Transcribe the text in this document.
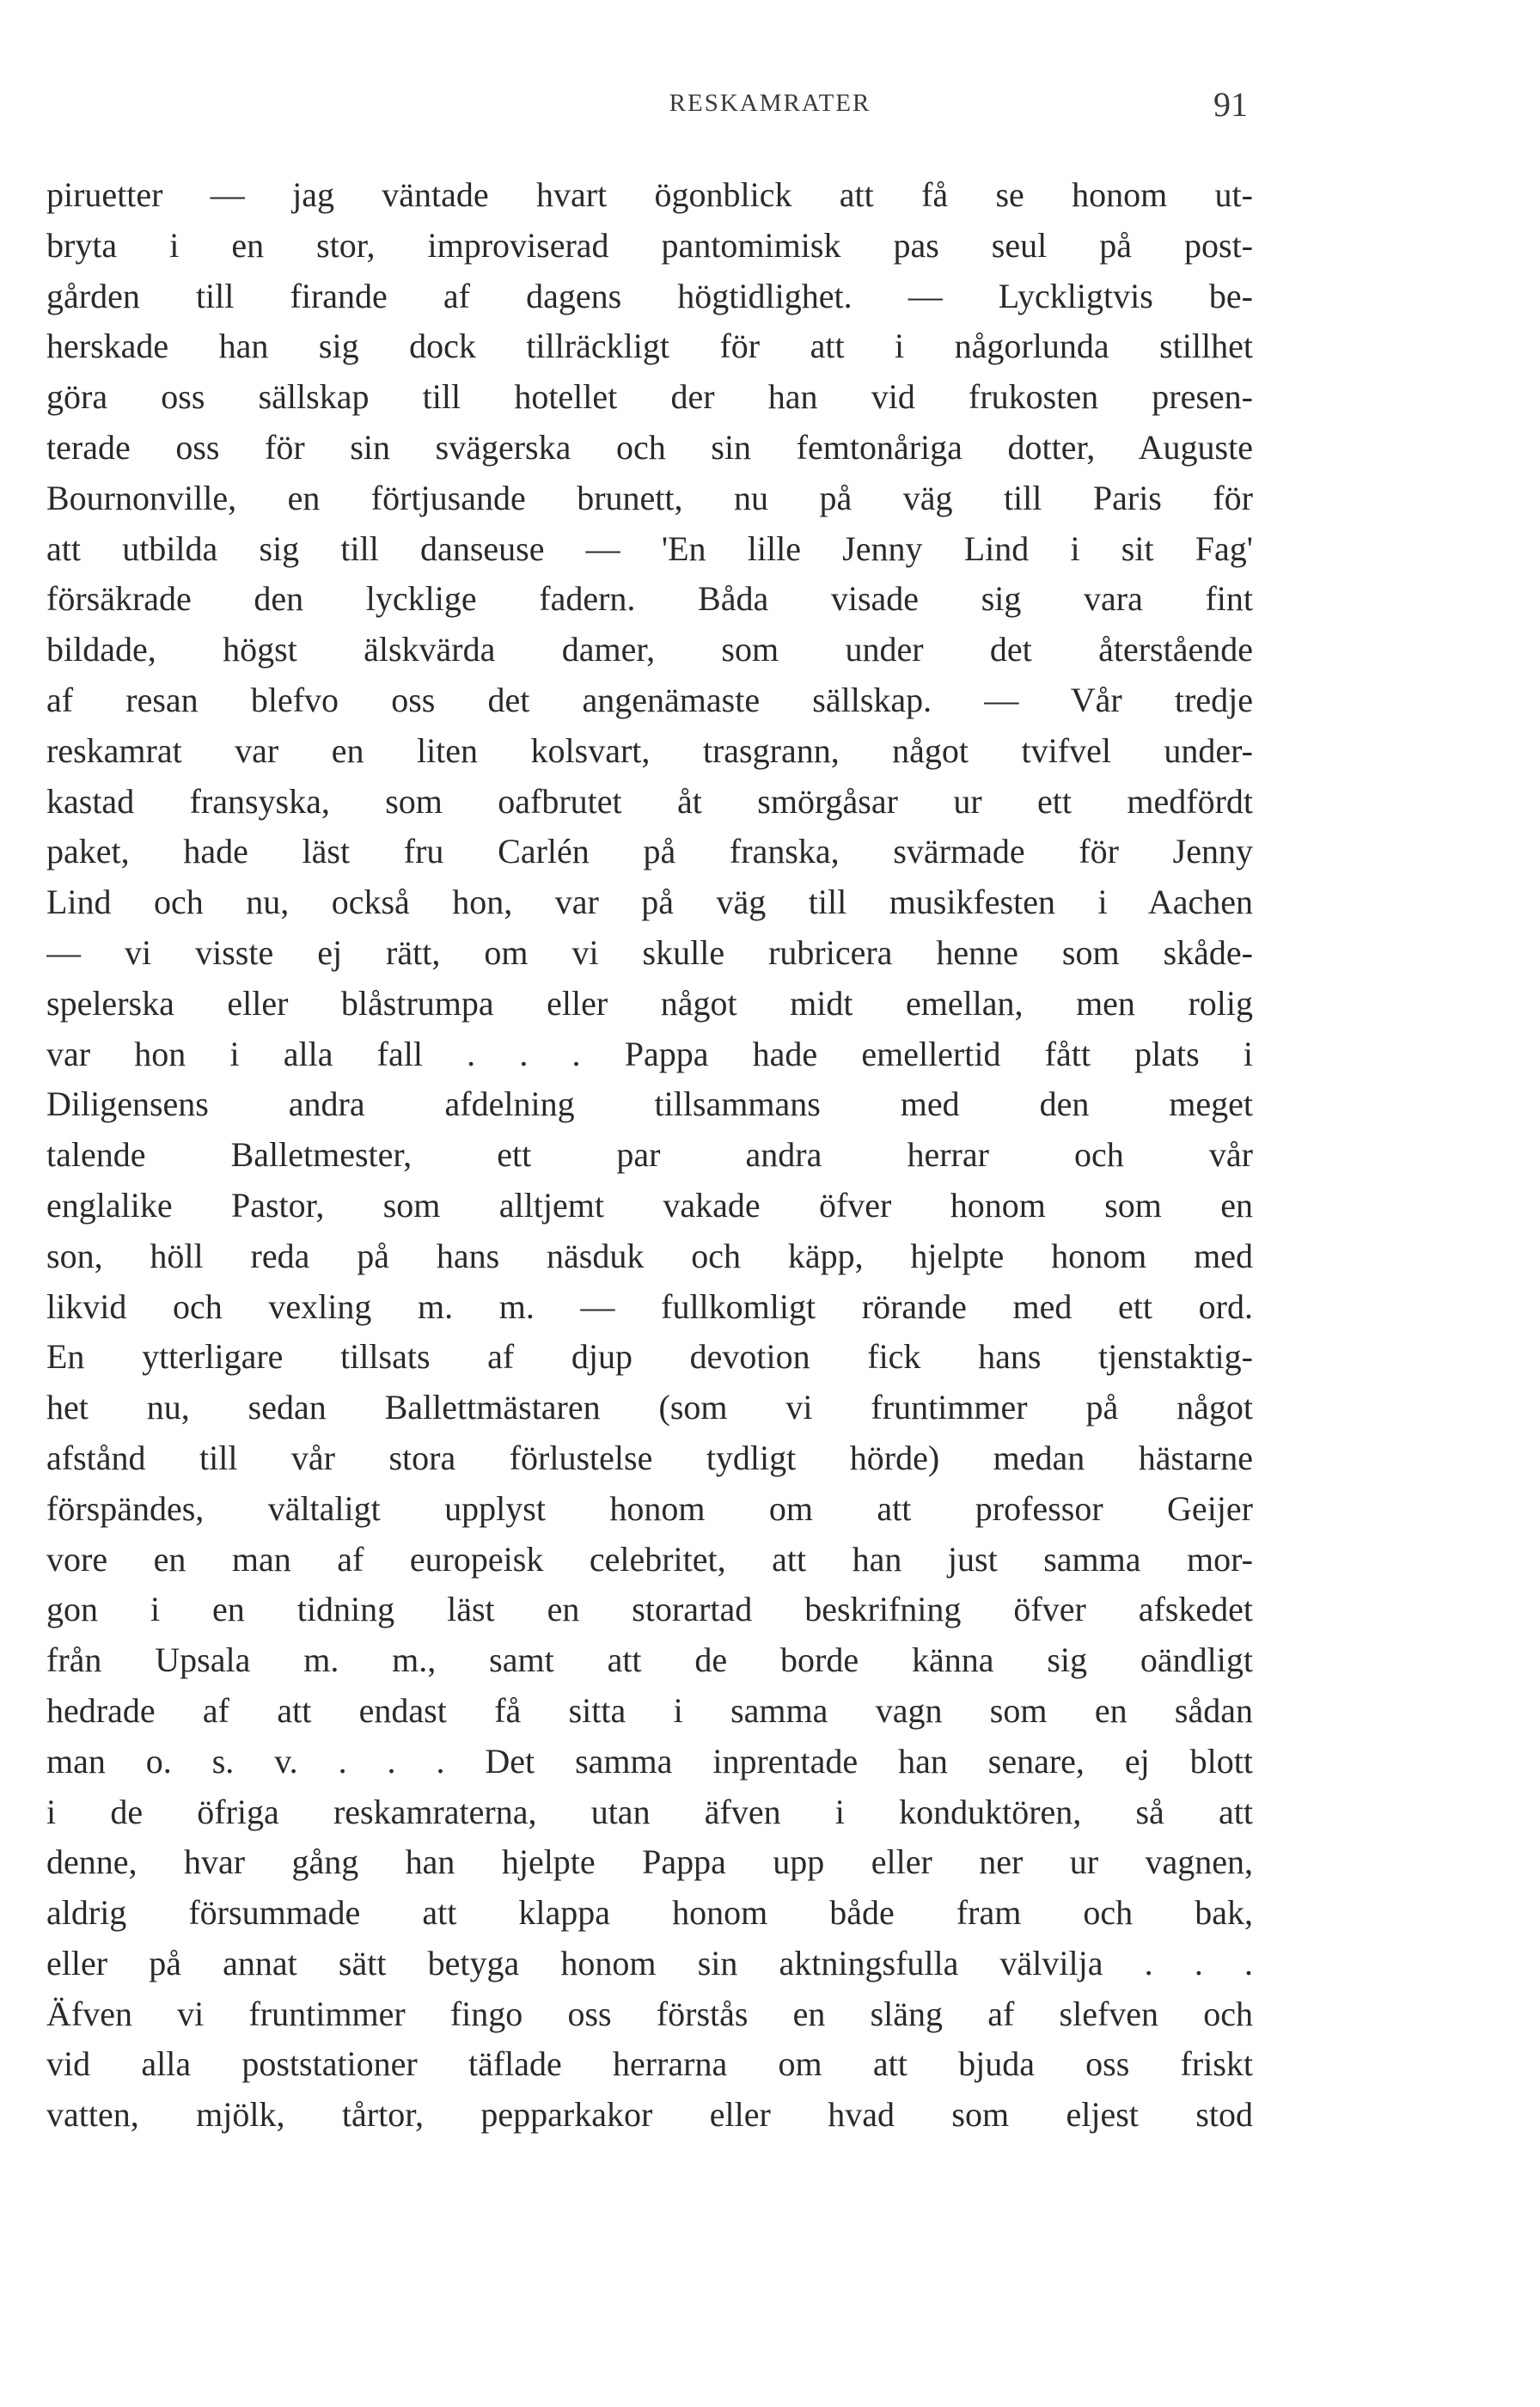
RESKAMRATER	91
piruetter — jag väntade hvart ögonblick att få se honom ut-
bryta i en stor, improviserad pantomimisk pas seul på post-
gården till firande af dagens högtidlighet. — Lyckligtvis be-
herskade han sig dock tillräckligt för att i någorlunda stillhet
göra oss sällskap till hotellet der han vid frukosten presen-
terade oss för sin svägerska och sin femtonåriga dotter, Auguste
Bournonville, en förtjusande brunett, nu på väg till Paris för
att utbilda sig till danseuse — 'En lille Jenny Lind i sit Fag'
försäkrade den lycklige fadern. Båda visade sig vara fint
bildade, högst älskvärda damer, som under det återstående
af resan blefvo oss det angenämaste sällskap. — Vår tredje
reskamrat var en liten kolsvart, trasgrann, något tvifvel under-
kastad fransyska, som oafbrutet åt smörgåsar ur ett medfördt
paket, hade läst fru Carlén på franska, svärmade för Jenny
Lind och nu, också hon, var på väg till musikfesten i Aachen
— vi visste ej rätt, om vi skulle rubricera henne som skåde-
spelerska eller blåstrumpa eller något midt emellan, men rolig
var hon i alla fall . . . Pappa hade emellertid fått plats i
Diligensens andra afdelning tillsammans med den meget
talende Balletmester, ett par andra herrar och vår
englalike Pastor, som alltjemt vakade öfver honom som en
son, höll reda på hans näsduk och käpp, hjelpte honom med
likvid och vexling m. m. — fullkomligt rörande med ett ord.
En ytterligare tillsats af djup devotion fick hans tjenstaktig-
het nu, sedan Ballettmästaren (som vi fruntimmer på något
afstånd till vår stora förlustelse tydligt hörde) medan hästarne
förspändes, vältaligt upplyst honom om att professor Geijer
vore en man af europeisk celebritet, att han just samma mor-
gon i en tidning läst en storartad beskrifning öfver afskedet
från Upsala m. m., samt att de borde känna sig oändligt
hedrade af att endast få sitta i samma vagn som en sådan
man o. s. v. . . . Det samma inprentade han senare, ej blott
i de öfriga reskamraterna, utan äfven i konduktören, så att
denne, hvar gång han hjelpte Pappa upp eller ner ur vagnen,
aldrig försummade att klappa honom både fram och bak,
eller på annat sätt betyga honom sin aktningsfulla välvilja . . .
Äfven vi fruntimmer fingo oss förstås en släng af slefven och
vid alla poststationer täflade herrarna om att bjuda oss friskt
vatten, mjölk, tårtor, pepparkakor eller hvad som eljest stod
